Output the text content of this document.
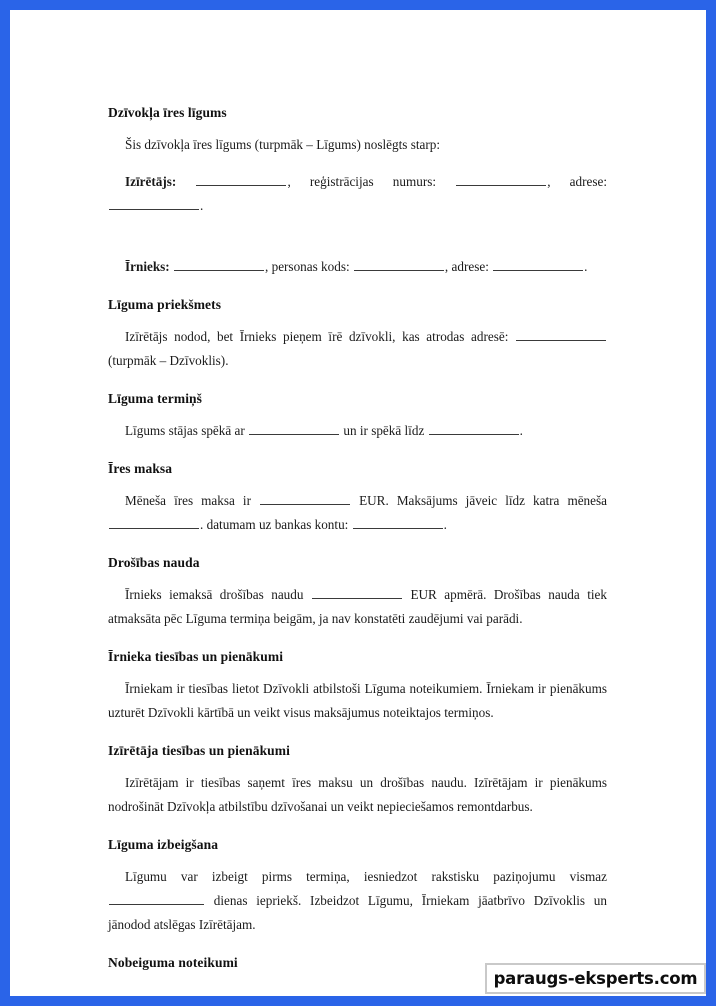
Dzīvokļa īres līgums

Šis dzīvokļa īres līgums (turpmāk – Līgums) noslēgts starp:

Izīrētājs:	, reģistrācijas numurs:	, adrese: .

Īrnieks:	, personas kods:	, adrese:	.

Līguma priekšmets

Izīrētājs nodod, bet Īrnieks pieņem īrē dzīvokli, kas atrodas adresē:  (turpmāk – Dzīvoklis).

Līguma termiņš

Līgums stājas spēkā ar	un ir spēkā līdz	.

Īres maksa

Mēneša īres maksa ir	EUR. Maksājums jāveic līdz katra mēneša . datumam uz bankas kontu:	.

Drošības nauda

Īrnieks iemaksā drošības naudu	EUR apmērā. Drošības nauda tiek atmaksāta pēc Līguma termiņa beigām, ja nav konstatēti zaudējumi vai parādi.

Īrnieka tiesības un pienākumi

Īrniekam ir tiesības lietot Dzīvokli atbilstoši Līguma noteikumiem. Īrniekam ir pienākums uzturēt Dzīvokli kārtībā un veikt visus maksājumus noteiktajos termiņos.

Izīrētāja tiesības un pienākumi

Izīrētājam ir tiesības saņemt īres maksu un drošības naudu. Izīrētājam ir pienākums nodrošināt Dzīvokļa atbilstību dzīvošanai un veikt nepieciešamos remontdarbus.

Līguma izbeigšana

Līgumu var izbeigt pirms termiņa, iesniedzot rakstisku paziņojumu vismaz  dienas iepriekš. Izbeidzot Līgumu, Īrniekam jāatbrīvo Dzīvoklis un jānodod atslēgas Izīrētājam.

Nobeiguma noteikumi
paraugs-eksperts.com
